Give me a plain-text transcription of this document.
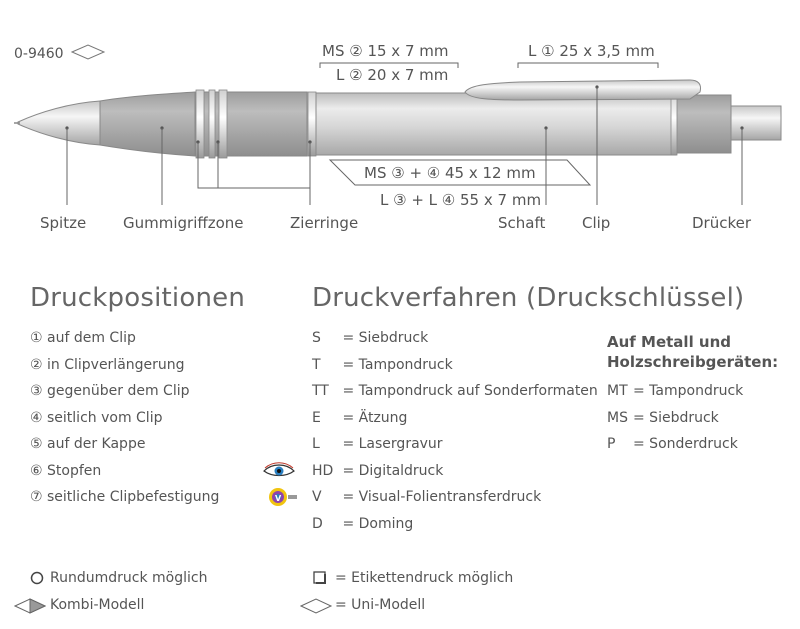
0-9460	MS ② 15 x 7 mm
L ② 20 x 7 mm
L ① 25 x 3,5 mm
MS ③ + ④ 45 x 12 mm
L ③ + L ④ 55 x 7 mm
Spitze Gummigriffzone	Zierringe	Schaft Clip	Drücker
Druckpositionen
① auf dem Clip
② in Clipverlängerung
③ gegenüber dem Clip
④ seitlich vom Clip
⑤ auf der Kappe
⑥ Stopfen
⑦ seitliche Clipbefestigung
Druckverfahren (Druckschlüssel)
S = Siebdruck
T = Tampondruck
TT = Tampondruck auf Sonderformaten
E = Ätzung
L = Lasergravur
HD = Digitaldruck
V = Visual-Folientransferdruck
D = Doming
V
Auf Metall und
Holzschreibgeräten:
MT = Tampondruck
MS = Siebdruck
P = Sonderdruck
Rundumdruck möglich
Kombi-Modell
= Etikettendruck möglich
= Uni-Modell
